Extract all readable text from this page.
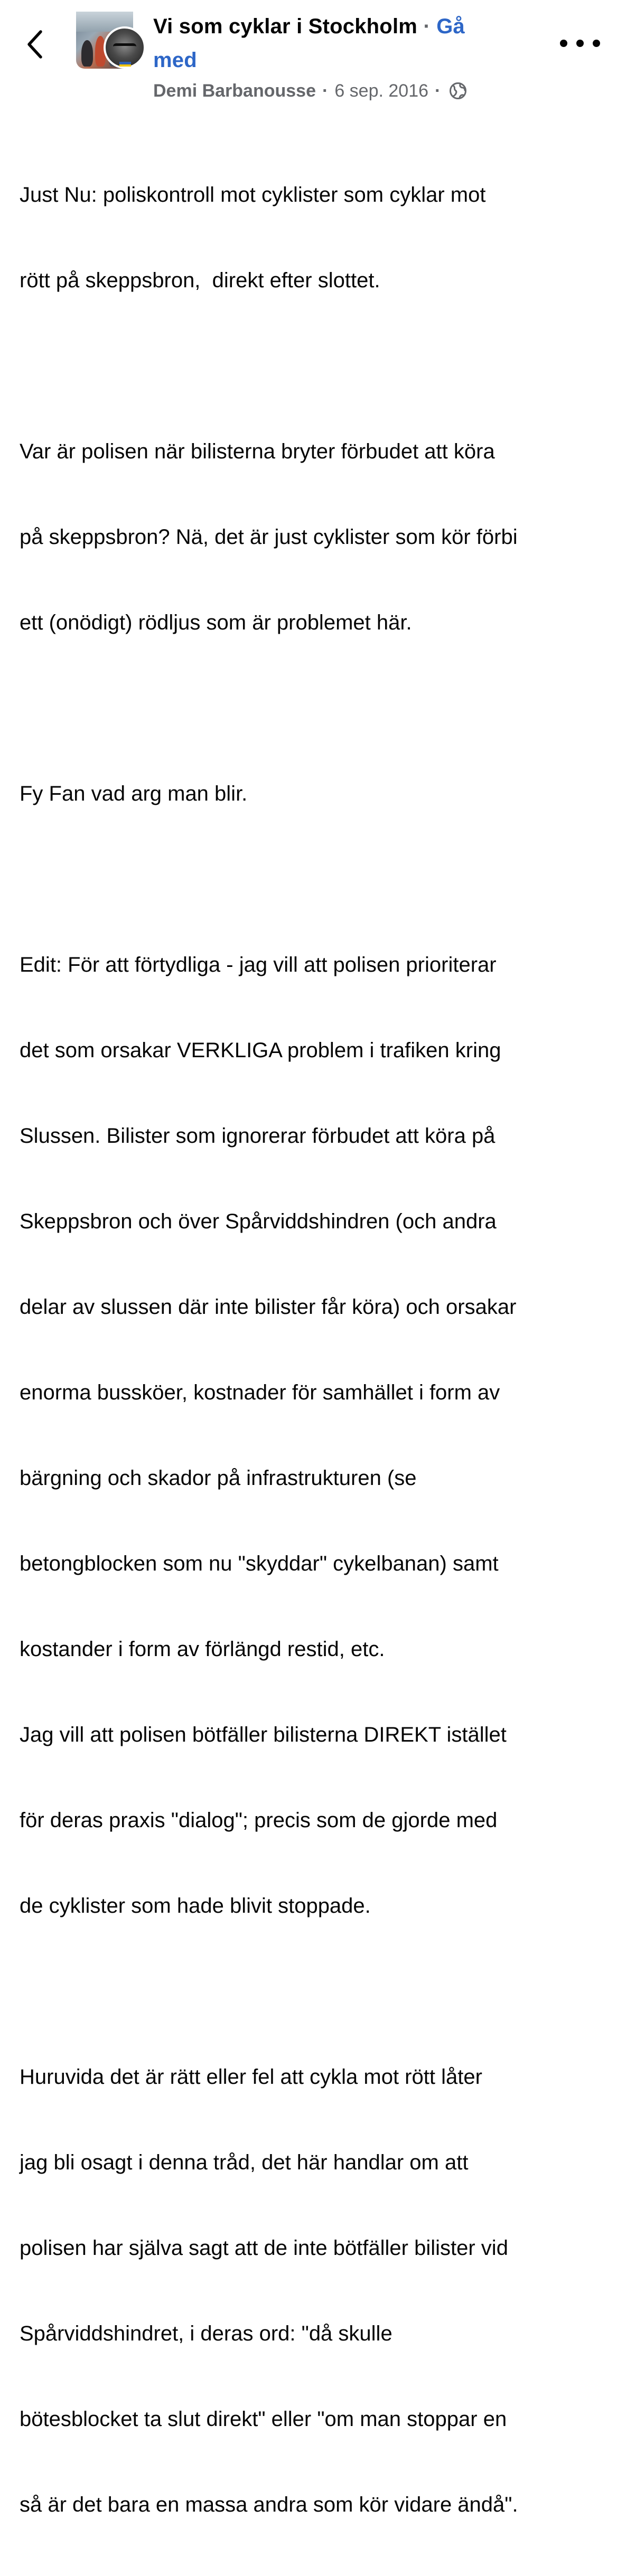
Vi som cyklar i Stockholm · Gå med
Demi Barbanousse · 6 sep. 2016 ·

Just Nu: poliskontroll mot cyklister som cyklar mot

rött på skeppsbron,  direkt efter slottet.

Var är polisen när bilisterna bryter förbudet att köra

på skeppsbron? Nä, det är just cyklister som kör förbi

ett (onödigt) rödljus som är problemet här.

Fy Fan vad arg man blir.

Edit: För att förtydliga - jag vill att polisen prioriterar

det som orsakar VERKLIGA problem i trafiken kring

Slussen. Bilister som ignorerar förbudet att köra på

Skeppsbron och över Spårviddshindren (och andra

delar av slussen där inte bilister får köra) och orsakar

enorma bussköer, kostnader för samhället i form av

bärgning och skador på infrastrukturen (se

betongblocken som nu "skyddar" cykelbanan) samt

kostander i form av förlängd restid, etc.

Jag vill att polisen bötfäller bilisterna DIREKT istället

för deras praxis "dialog"; precis som de gjorde med

de cyklister som hade blivit stoppade.

Huruvida det är rätt eller fel att cykla mot rött låter

jag bli osagt i denna tråd, det här handlar om att

polisen har själva sagt att de inte bötfäller bilister vid

Spårviddshindret, i deras ord: "då skulle

bötesblocket ta slut direkt" eller "om man stoppar en

så är det bara en massa andra som kör vidare ändå".
